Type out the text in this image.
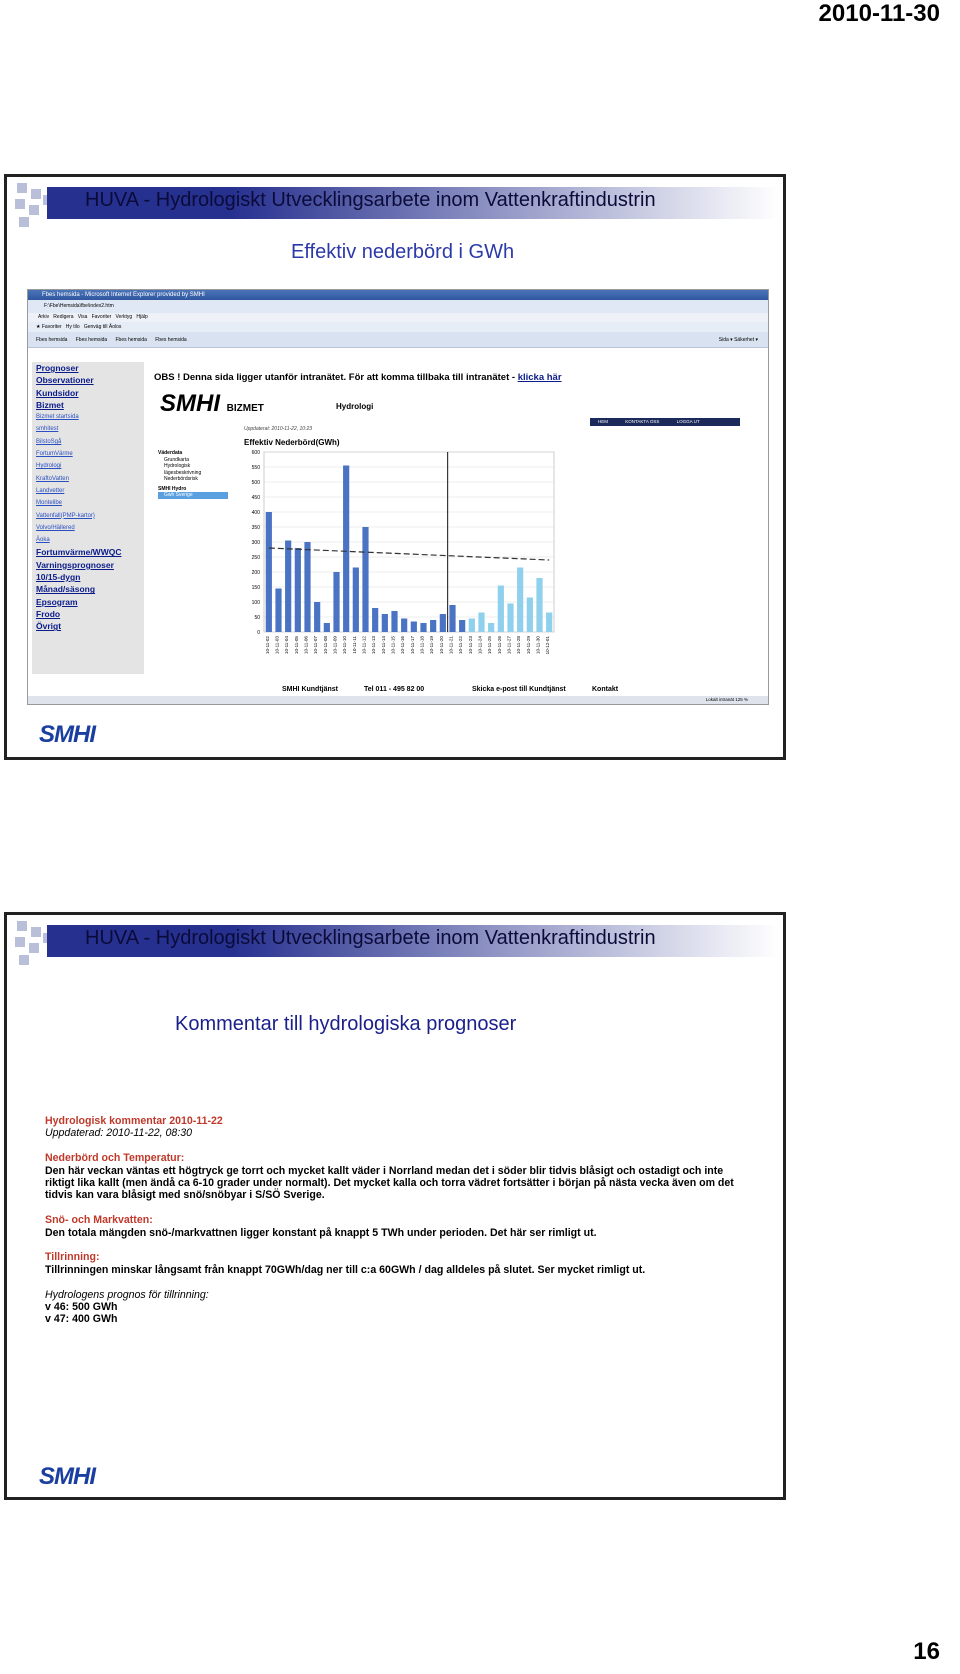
2010-11-30
HUVA - Hydrologiskt Utvecklingsarbete inom Vattenkraftindustrin
Effektiv nederbörd i GWh
Fbes hemsida - Microsoft Internet Explorer provided by SMHI
F:\Fbe\Hemsida\fbe\index2.htm
Arkiv Redigera Visa Favoriter Verktyg Hjälp
★ Favoriter Hy tilo Genväg till Äolos
Fbes hemsida Fbes hemsida Fbes hemsida Fbes hemsida	Sida ▾ Säkerhet ▾
Prognoser
Observationer
Kundsidor
Bizmet
Bizmet startsida
smhitest
BilstoSgå
FortumVärme
Hydrologi
KraftoVatten
Landvetter
Montelibe
Vattenfall(PMP-kartor)
Volvo/Hällered
Äoka
Fortumvärme/WWQC
Varningsprognoser
10/15-dygn
Månad/säsong
Epsogram
Frodo
Övrigt
OBS ! Denna sida ligger utanför intranätet. För att komma tillbaka till intranätet - klicka här
SMHI BIZMET	Hydrologi
HEM	KONTAKTA OSS	LOGGA UT
Väderdata
Grundkarta
Hydrologisk
lägesbeskrivning
Nederbördsrisk
SMHI Hydro
Gwh Sverige
Uppdaterat: 2010-11-22, 10:23
Effektiv Nederbörd(GWh)
0
50
100
150
200
250
300
350
400
450
500
550
600
10-11-02 10-11-03 10-11-04 10-11-05 10-11-06 10-11-07 10-11-08 10-11-09 10-11-10 10-11-11 10-11-12 10-11-13 10-11-14 10-11-15 10-11-16 10-11-17 10-11-18 10-11-19 10-11-20 10-11-21 10-11-22 10-11-23 10-11-24 10-11-25 10-11-26 10-11-27 10-11-28 10-11-29 10-11-30 10-12-01
SMHI Kundtjänst	Tel 011 - 495 82 00	Skicka e-post till Kundtjänst	Kontakt
Lokalt intranät 125 %
SMHI
HUVA - Hydrologiskt Utvecklingsarbete inom Vattenkraftindustrin
Kommentar till hydrologiska prognoser
Hydrologisk kommentar 2010-11-22

Uppdaterad: 2010-11-22, 08:30

Nederbörd och Temperatur:

Den här veckan väntas ett högtryck ge torrt och mycket kallt väder i Norrland medan det i söder blir tidvis blåsigt och ostadigt och inte riktigt lika kallt (men ändå ca 6-10 grader under normalt). Det mycket kalla och torra vädret fortsätter i början på nästa vecka även om det tidvis kan vara blåsigt med snö/snöbyar i S/SÖ Sverige.

Snö- och Markvatten:

Den totala mängden snö-/markvattnen ligger konstant på knappt 5 TWh under perioden. Det här ser rimligt ut.

Tillrinning:

Tillrinningen minskar långsamt från knappt 70GWh/dag ner till c:a 60GWh / dag alldeles på slutet. Ser mycket rimligt ut.

Hydrologens prognos för tillrinning:
v 46: 500 GWh
v 47: 400 GWh
SMHI
16
